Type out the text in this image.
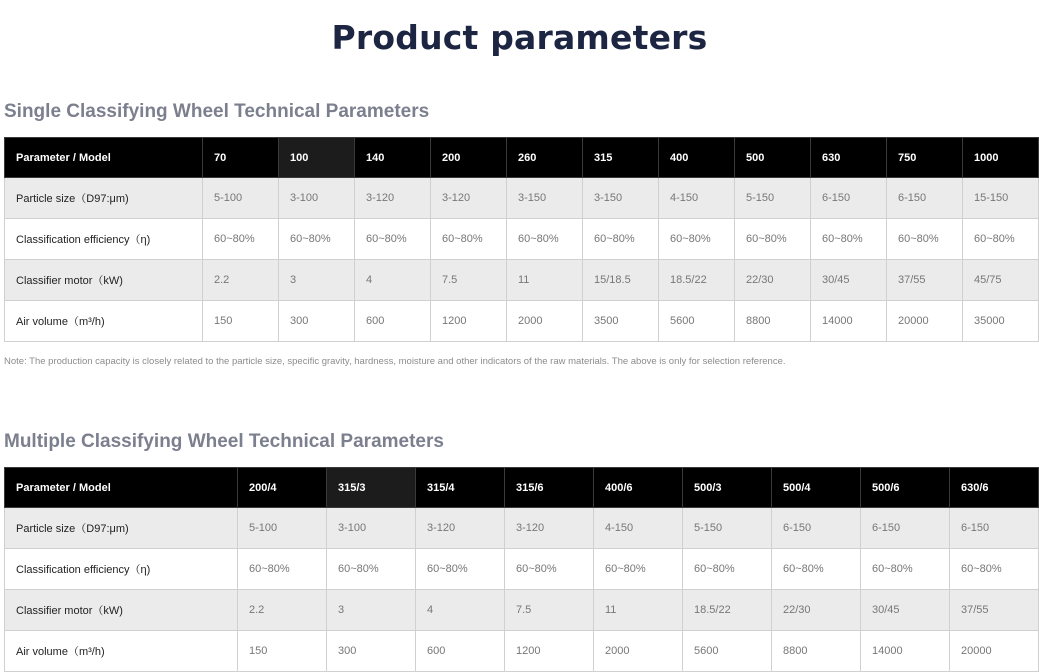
Product parameters
Single Classifying Wheel Technical Parameters
Parameter / Model	70	100	140	200	260	315	400	500	630	750	1000
Particle size（D97:μm)	5-100	3-100	3-120	3-120	3-150	3-150	4-150	5-150	6-150	6-150	15-150
Classification efficiency（η)	60~80%	60~80%	60~80%	60~80%	60~80%	60~80%	60~80%	60~80%	60~80%	60~80%	60~80%
Classifier motor（kW)	2.2	3	4	7.5	11	15/18.5	18.5/22	22/30	30/45	37/55	45/75
Air volume（m³/h)	150	300	600	1200	2000	3500	5600	8800	14000	20000	35000
Note: The production capacity is closely related to the particle size, specific gravity, hardness, moisture and other indicators of the raw materials. The above is only for selection reference.
Multiple Classifying Wheel Technical Parameters
Parameter / Model	200/4	315/3	315/4	315/6	400/6	500/3	500/4	500/6	630/6
Particle size（D97:μm)	5-100	3-100	3-120	3-120	4-150	5-150	6-150	6-150	6-150
Classification efficiency（η)	60~80%	60~80%	60~80%	60~80%	60~80%	60~80%	60~80%	60~80%	60~80%
Classifier motor（kW)	2.2	3	4	7.5	11	18.5/22	22/30	30/45	37/55
Air volume（m³/h)	150	300	600	1200	2000	5600	8800	14000	20000
